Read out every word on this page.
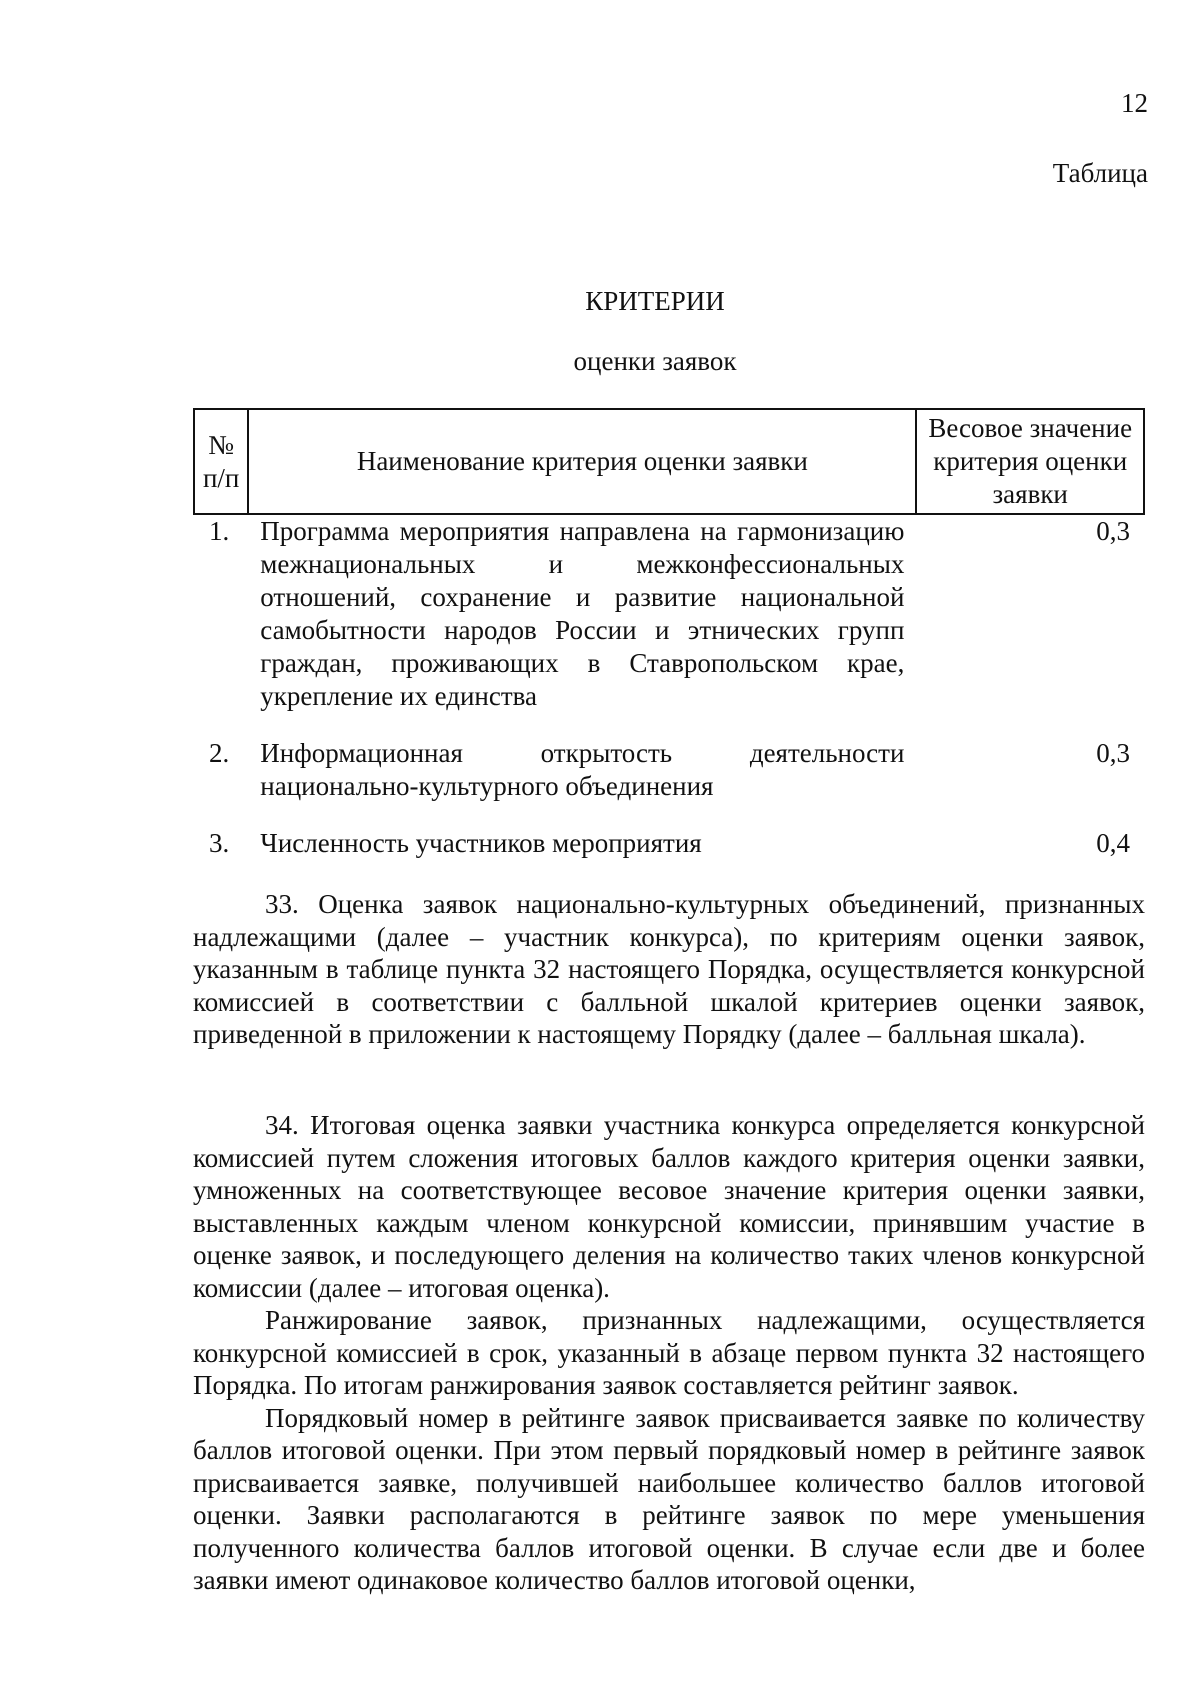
12
Таблица
КРИТЕРИИ
оценки заявок
№ п/п	Наименование критерия оценки заявки	Весовое значение критерия оценки заявки
1.	Программа мероприятия направлена на гармонизацию межнациональных и межконфессиональных отношений, сохранение и развитие национальной самобытности народов России и этнических групп граждан, проживающих в Ставропольском крае, укрепление их единства	0,3
2.	Информационная открытость деятельности национально-культурного объединения	0,3
3.	Численность участников мероприятия	0,4

33. Оценка заявок национально-культурных объединений, признанных надлежащими (далее – участник конкурса), по критериям оценки заявок, указанным в таблице пункта 32 настоящего Порядка, осуществляется конкурсной комиссией в соответствии с балльной шкалой критериев оценки заявок, приведенной в приложении к настоящему Порядку (далее – балльная шкала).

34. Итоговая оценка заявки участника конкурса определяется конкурсной комиссией путем сложения итоговых баллов каждого критерия оценки заявки, умноженных на соответствующее весовое значение критерия оценки заявки, выставленных каждым членом конкурсной комиссии, принявшим участие в оценке заявок, и последующего деления на количество таких членов конкурсной комиссии (далее – итоговая оценка).

Ранжирование заявок, признанных надлежащими, осуществляется конкурсной комиссией в срок, указанный в абзаце первом пункта 32 настоящего Порядка. По итогам ранжирования заявок составляется рейтинг заявок.

Порядковый номер в рейтинге заявок присваивается заявке по количеству баллов итоговой оценки. При этом первый порядковый номер в рейтинге заявок присваивается заявке, получившей наибольшее количество баллов итоговой оценки. Заявки располагаются в рейтинге заявок по мере уменьшения полученного количества баллов итоговой оценки. В случае если две и более заявки имеют одинаковое количество баллов итоговой оценки,
